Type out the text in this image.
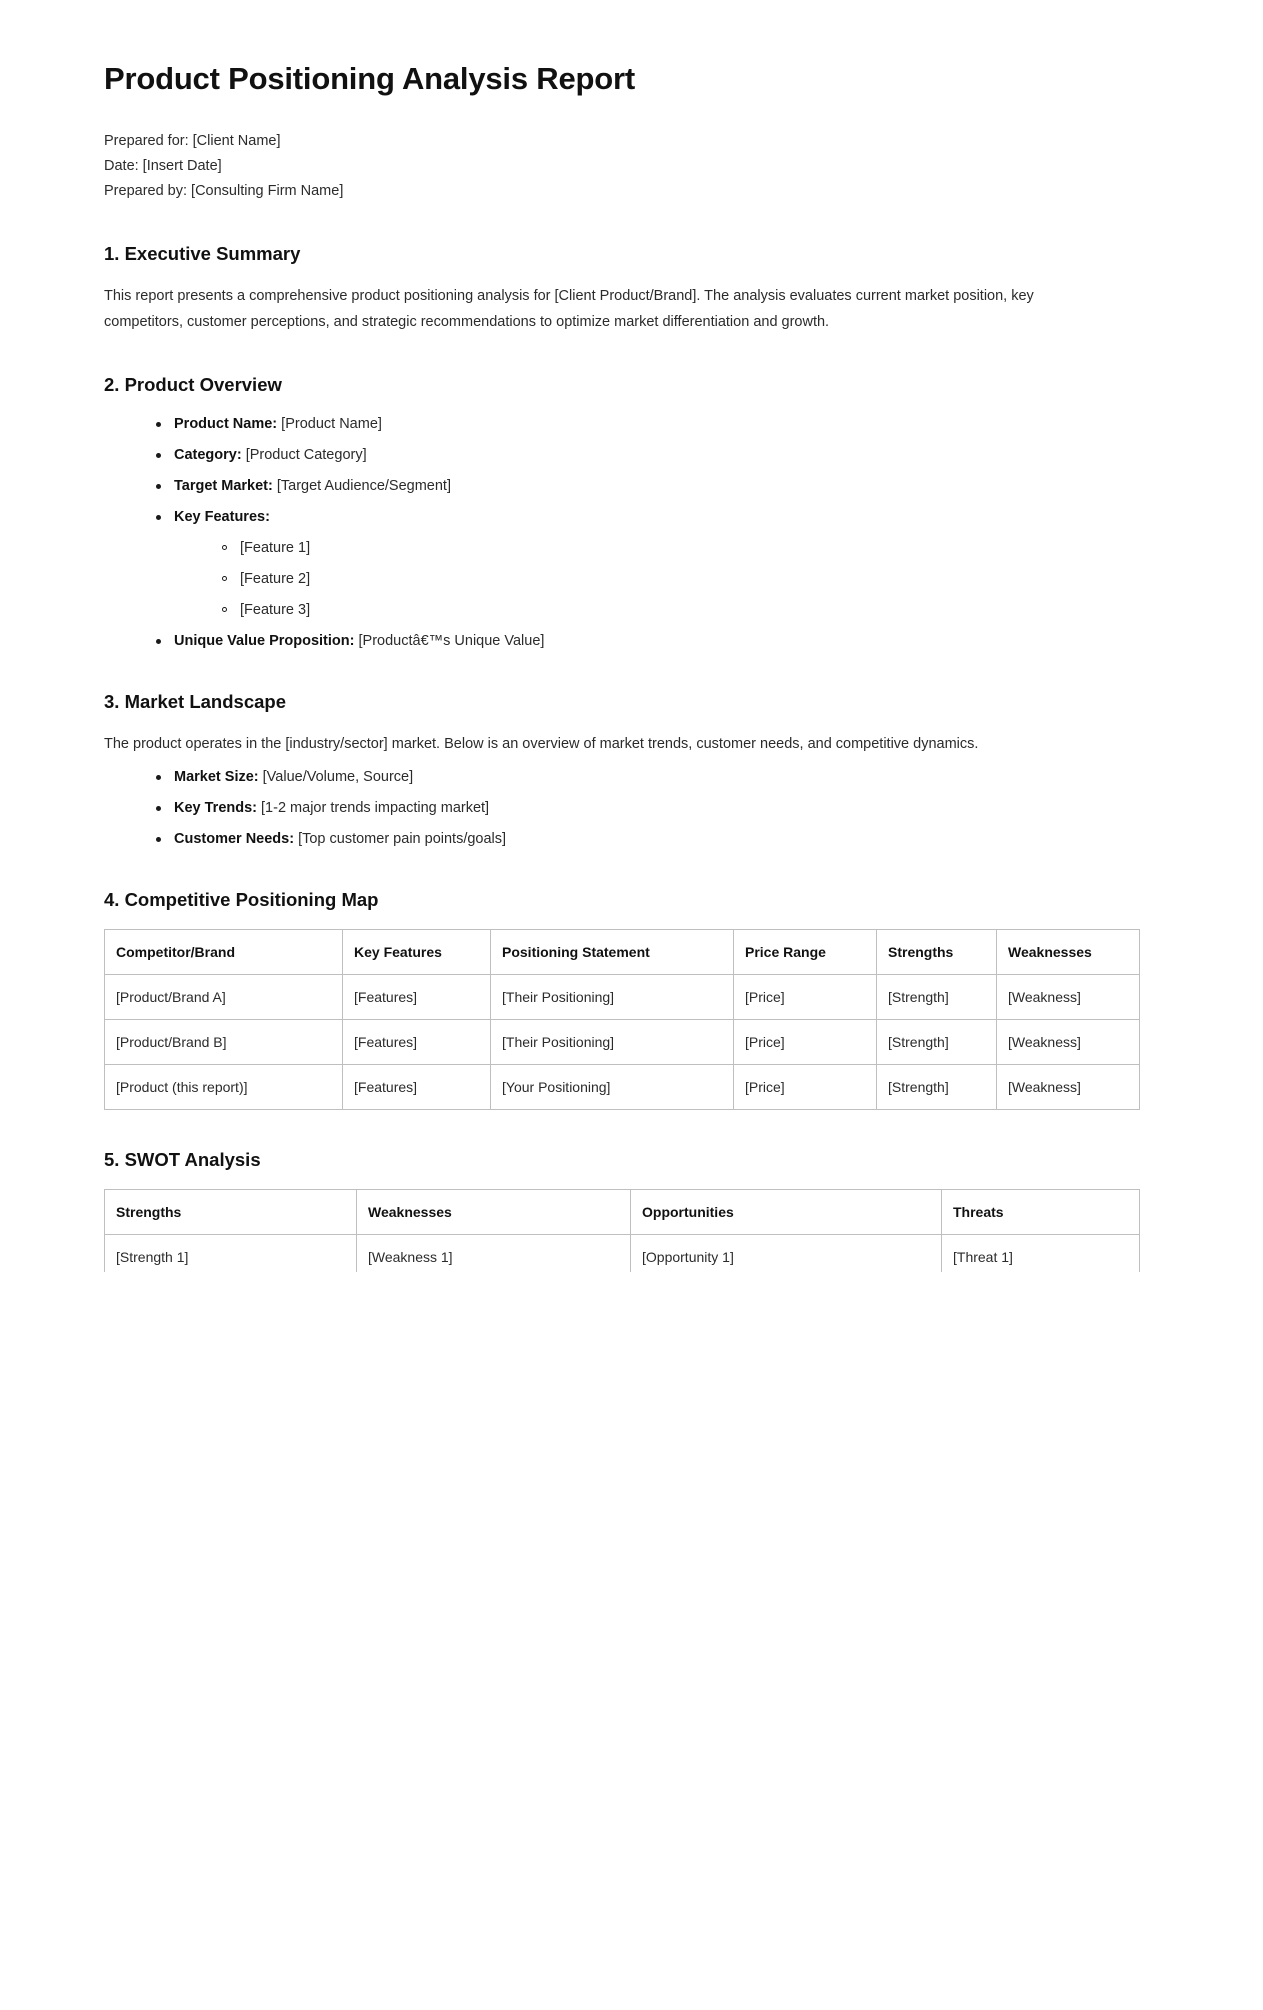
Product Positioning Analysis Report

Prepared for: [Client Name]

Date: [Insert Date]

Prepared by: [Consulting Firm Name]

1. Executive Summary

This report presents a comprehensive product positioning analysis for [Client Product/Brand]. The analysis evaluates current market position, key competitors, customer perceptions, and strategic recommendations to optimize market differentiation and growth.

2. Product Overview
Product Name: [Product Name]
Category: [Product Category]
Target Market: [Target Audience/Segment]
Key Features:
[Feature 1]
[Feature 2]
[Feature 3]
Unique Value Proposition: [Productâ€™s Unique Value]
3. Market Landscape

The product operates in the [industry/sector] market. Below is an overview of market trends, customer needs, and competitive dynamics.

Market Size: [Value/Volume, Source]
Key Trends: [1-2 major trends impacting market]
Customer Needs: [Top customer pain points/goals]
4. Competitive Positioning Map
Competitor/Brand	Key Features	Positioning Statement	Price Range	Strengths	Weaknesses
[Product/Brand A]	[Features]	[Their Positioning]	[Price]	[Strength]	[Weakness]
[Product/Brand B]	[Features]	[Their Positioning]	[Price]	[Strength]	[Weakness]
[Product (this report)]	[Features]	[Your Positioning]	[Price]	[Strength]	[Weakness]
5. SWOT Analysis
Strengths	Weaknesses	Opportunities	Threats
[Strength 1]	[Weakness 1]	[Opportunity 1]	[Threat 1]
